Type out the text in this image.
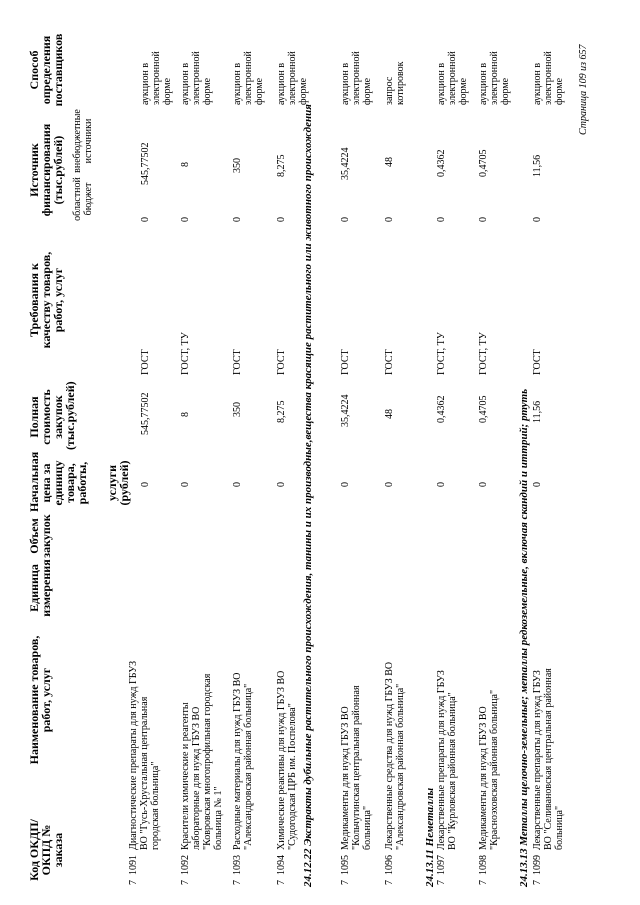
Код ОКДП/ ОКПД № заказа
Наименование товаров, работ, услуг
Единица измерения
Объем закупок
Начальная цена за единицу товара, работы, услуги (рублей)
Полная стоимость закупок (тыс.рублей)
Требования к качеству товаров, работ, услуг
Источник финансирования (тыс.рублей) областной бюджет
внебюджетные источники
Способ определения поставщиков
7
1091
Диагностические препараты для нужд ГБУЗ ВО "Гусь-Хрустальная центральная городская больница"
0
545,77502
ГОСТ
0
545,77502
аукцион в электронной форме
7
1092
Красители химические и реагенты лабораторные для нужд ГБУЗ ВО "Ковровская многопрофильная городская больница № 1"
0
8
ГОСТ, ТУ
0
8
аукцион в электронной форме
7
1093
Расходные материалы для нужд ГБУЗ ВО "Александровская районная больница"
0
350
ГОСТ
0
350
аукцион в электронной форме
7
1094
Химические реактивы для нужд ГБУЗ ВО "Судогодская ЦРБ им. Поспелова"
0
8,275
ГОСТ
0
8,275
аукцион в электронной форме
24.12.22 Экстракты дубильные растительного происхождения, танины и их производные,вещества красящие растительного или животного происхождения
7
1095
Медикаменты для нужд ГБУЗ ВО "Кольчугинская центральная районная больница"
0
35,4224
ГОСТ
0
35,4224
аукцион в электронной форме
7
1096
Лекарственные средства для нужд ГБУЗ ВО "Александровская районная больница"
0
48
ГОСТ
0
48
запрос котировок
24.13.11 Неметаллы
7
1097
Лекарственные препараты для нужд ГБУЗ ВО "Курловская районная больница"
0
0,4362
ГОСТ, ТУ
0
0,4362
аукцион в электронной форме
7
1098
Медикаменты для нужд ГБУЗ ВО "Красноэховская районная больница"
0
0,4705
ГОСТ, ТУ
0
0,4705
аукцион в электронной форме
24.13.13 Металлы щелочно-земельные; металлы редкоземельные, включая скандий и иттрий; ртуть
7
1099
Лекарственные препараты для нужд ГБУЗ ВО "Селивановская центральная районная больница"
0
11,56
ГОСТ
0
11,56
аукцион в электронной форме Страница 109 из 657
